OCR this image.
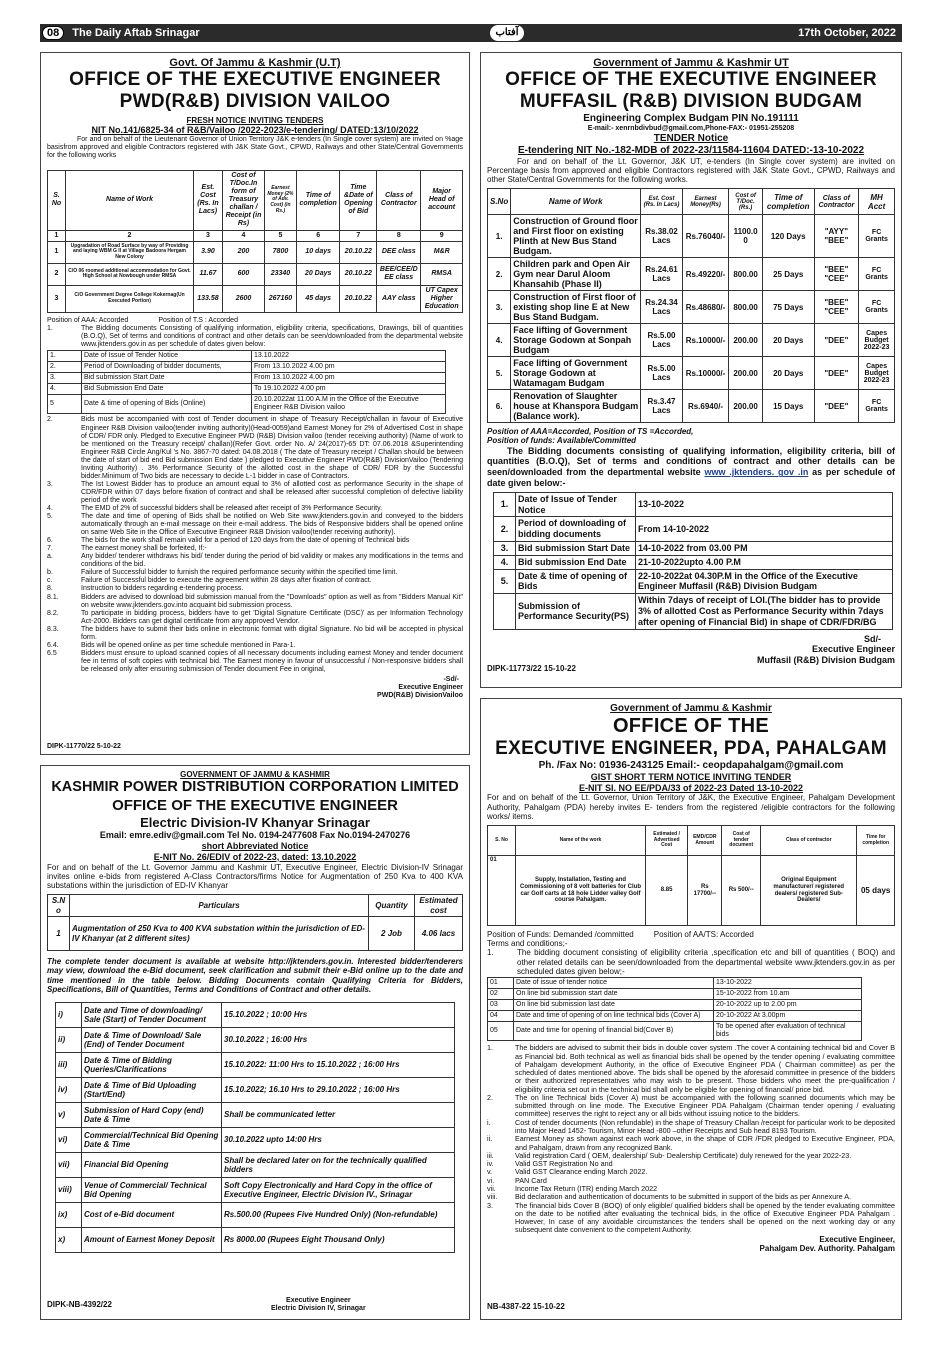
08	The Daily Aftab Srinagar	آفتاب	17th October, 2022
Govt. Of Jammu & Kashmir (U.T)
OFFICE OF THE EXECUTIVE ENGINEER
PWD(R&B) DIVISION VAILOO
FRESH NOTICE INVITING TENDERS
NIT No.141/6825-34 of R&B/Vailoo /2022-2023/e-tendering/ DATED:13/10/2022

For and on behalf of the Lieutenant Governor of Union Territory J&K e-tenders (In Single cover system) are invited on %age basisfrom approved and eligible Contractors registered with J&K State Govt., CPWD, Railways and other State/Central Governments for the following works

S. No	Name of Work	Est. Cost (Rs. In Lacs)	Cost of T/Doc.In form of Treasury challan / Receipt (in Rs)	Earnest Money (2% of Adv. Cost) (in Rs.)	Time of completion	Time &Date of Opening of Bid	Class of Contractor	Major Head of account
1	2	3	4	5	6	7	8	9
1	Upgradation of Road Surface by way of Providing and laying WBM G II at Village Badoora Hergam New Colony	3.90	200	7800	10 days	20.10.22	DEE class	M&R
2	C/O 06 roomed additional accommodation for Govt. High School at Nowbough under RMSA	11.67	600	23340	20 Days	20.10.22	BEE/CEE/D EE class	RMSA
3	C/O Government Degree College Kokernag(Un Executed Portion)	133.58	2600	267160	45 days	20.10.22	AAY class	UT Capex Higher Education
Position of AAA: Accorded	Position of T.S : Accorded
1.	The Bidding documents Consisting of qualifying information, eligibility criteria, specifications, Drawings, bill of quantities (B.O.Q), Set of terms and conditions of contract and other details can be seen/downloaded from the departmental website www.jktenders.gov.in as per schedule of dates given below:
1.	Date of Issue of Tender Notice	13.10.2022
2.	Period of Downloading of bidder documents,	From 13.10.2022 4.00 pm
3.	Bid submission Start Date	From 13.10.2022 4.00 pm
4.	Bid Submission End Date	To 19.10.2022 4.00 pm
5	Date & time of opening of Bids (Online)	20.10.2022at 11.00 A.M in the Office of the Executive Engineer R&B Division vailoo
2.	Bids must be accompanied with cost of Tender document in shape of Treasury Receipt/challan in favour of Executive Engineer R&B Division vailoo(tender inviting authority)(Head-0059)and Earnest Money for 2% of Advertised Cost in shape of CDR/ FDR only. Pledged to Executive Engineer PWD (R&B) Division vailoo (tender receiving authority) (Name of work to be mentioned on the Treasury receipt/ challan)(Refer Govt. order No. A/ 24(2017)-65 DT: 07.06.2018 &Superintending Engineer R&B Circle Ang/Kul 's No. 3867-70 dated: 04.08.2018 ( The date of Treasury receipt / Challan should be between the date of start of bid end Bid submission End date ) pledged to Executive Engineer PWD(R&B) DivisionVailoo (Tendering Inviting Authority) . 3% Performance Security of the allotted cost in the shape of CDR/ FDR by the Successful bidder.Minimum of Two bids are necessary to decide L-1 bidder in case of Contractors.
3.	The Ist Lowest Bidder has to produce an amount equal to 3% of allotted cost as performance Security in the shape of CDR/FDR within 07 days before fixation of contract and shall be released after successful completion of defective liability period of the work
4.	The EMD of 2% of successful bidders shall be released after receipt of 3% Performance Security.
5.	The date and time of opening of Bids shall be notified on Web Site www.jktenders.gov.in and conveyed to the bidders automatically through an e-mail message on their e-mail address. The bids of Responsive bidders shall be opened online on same Web Site in the Office of Executive Engineer R&B Division vailoo(tender receiving authority).
6.	The bids for the work shall remain valid for a period of 120 days from the date of opening of Technical bids
7.	The earnest money shall be forfeited, If:-
a.	Any bidder/ tenderer withdraws his bid/ tender during the period of bid validity or makes any modifications in the terms and conditions of the bid.
b.	Failure of Successful bidder to furnish the required performance security within the specified time limit.
c.	Failure of Successful bidder to execute the agreement within 28 days after fixation of contract.
8.	Instruction to bidders regarding e-tendering process.
8.1.	Bidders are advised to download bid submission manual from the "Downloads" option as well as from "Bidders Manual Kit" on website www.jktenders.gov.into acquaint bid submission process.
8.2.	To participate in bidding process, bidders have to get 'Digital Signature Certificate (DSC)' as per Information Technology Act-2000. Bidders can get digital certificate from any approved Vendor.
8.3.	The bidders have to submit their bids online in electronic format with digital Signature. No bid will be accepted in physical form.
6.4.	Bids will be opened online as per time schedule mentioned in Para-1.
6.5	Bidders must ensure to upload scanned copies of all necessary documents including earnest Money and tender document fee in terms of soft copies with technical bid. The Earnest money in favour of unsuccessful / Non-responsive bidders shall be released only after ensuring submission of Tender document Fee in original,
-Sd/-
Executive Engineer
PWD(R&B) DivisionVailoo
DIPK-11770/22 5-10-22
Government of Jammu & Kashmir UT
OFFICE OF THE EXECUTIVE ENGINEER
MUFFASIL (R&B) DIVISION BUDGAM
Engineering Complex Budgam PIN No.191111
E-mail:- xenrnbdivbud@gmail.com,Phone-FAX:- 01951-255208
TENDER Notice
E-tendering NIT No.-182-MDB of 2022-23/11584-11604 DATED:-13-10-2022

For and on behalf of the Lt. Governor, J&K UT, e-tenders (In Single cover system) are invited on Percentage basis from approved and eligible Contractors registered with J&K State Govt., CPWD, Railways and other State/Central Governments for the following works.

S.No	Name of Work	Est. Cost (Rs. In Lacs)	Earnest Money(Rs)	Cost of T/Doc. (Rs.)	Time of completion	Class of Contractor	MH Acct
1.	Construction of Ground floor and First floor on existing Plinth at New Bus Stand Budgam.	Rs.38.02 Lacs	Rs.76040/-	1100.0 0	120 Days	"AYY" "BEE"	FC Grants
2.	Children park and Open Air Gym near Darul Aloom Khansahib (Phase II)	Rs.24.61 Lacs	Rs.49220/-	800.00	25 Days	"BEE" "CEE"	FC Grants
3.	Construction of First floor of existing shop line E at New Bus Stand Budgam.	Rs.24.34 Lacs	Rs.48680/-	800.00	75 Days	"BEE" "CEE"	FC Grants
4.	Face lifting of Government Storage Godown at Sonpah Budgam	Rs.5.00 Lacs	Rs.10000/-	200.00	20 Days	"DEE"	Capes Budget 2022-23
5.	Face lifting of Government Storage Godown at Watamagam Budgam	Rs.5.00 Lacs	Rs.10000/-	200.00	20 Days	"DEE"	Capes Budget 2022-23
6.	Renovation of Slaughter house at Khanspora Budgam (Balance work).	Rs.3.47 Lacs	Rs.6940/-	200.00	15 Days	"DEE"	FC Grants
Position of AAA=Accorded, Position of TS =Accorded,
Position of funds: Available/Committed

The Bidding documents consisting of qualifying information, eligibility criteria, bill of quantities (B.O.Q), Set of terms and conditions of contract and other details can be seen/downloaded from the departmental website www .jktenders. gov .in as per schedule of date given below:-

1.	Date of Issue of Tender Notice	13-10-2022
2.	Period of downloading of bidding documents	From 14-10-2022
3.	Bid submission Start Date	14-10-2022 from 03.00 PM
4.	Bid submission End Date	21-10-2022upto 4.00 P.M
5.	Date & time of opening of Bids	22-10-2022at 04.30P.M in the Office of the Executive Engineer Muffasil (R&B) Division Budgam
	Submission of Performance Security(PS)	Within 7days of receipt of LOI.(The bidder has to provide 3% of allotted Cost as Performance Security within 7days after opening of Financial Bid) in shape of CDR/FDR/BG
Sd/-
Executive Engineer
Muffasil (R&B) Division Budgam
DIPK-11773/22 15-10-22
GOVERNMENT OF JAMMU & KASHMIR
KASHMIR POWER DISTRIBUTION CORPORATION LIMITED
OFFICE OF THE EXECUTIVE ENGINEER
Electric Division-IV Khanyar Srinagar
Email: emre.ediv@gmail.com Tel No. 0194-2477608 Fax No.0194-2470276
short Abbreviated Notice
E-NIT No. 26/EDIV of 2022-23, dated: 13.10.2022

For and on behalf of the Lt. Governor Jammu and Kashmir UT, Executive Engineer, Electric Division-IV Srinagar invites online e-bids from registered A-Class Contractors/firms Notice for Augmentation of 250 Kva to 400 KVA substations within the jurisdiction of ED-IV Khanyar

S.N o	Particulars	Quantity	Estimated cost
1	Augmentation of 250 Kva to 400 KVA substation within the jurisdiction of ED-IV Khanyar (at 2 different sites)	2 Job	4.06 lacs

The complete tender document is available at website http://jktenders.gov.in. Interested bidder/tenderers may view, download the e-Bid document, seek clarification and submit their e-Bid online up to the date and time mentioned in the table below. Bidding Documents contain Qualifying Criteria for Bidders, Specifications, Bill of Quantities, Terms and Conditions of Contract and other details.

i)	Date and Time of downloading/ Sale (Start) of Tender Document	15.10.2022 ; 10:00 Hrs
ii)	Date & Time of Download/ Sale (End) of Tender Document	30.10.2022 ; 16:00 Hrs
iii)	Date & Time of Bidding Queries/Clarifications	15.10.2022: 11:00 Hrs to 15.10.2022 ; 16:00 Hrs
iv)	Date & Time of Bid Uploading (Start/End)	15.10.2022; 16.10 Hrs to 29.10.2022 ; 16:00 Hrs
v)	Submission of Hard Copy (end) Date & Time	Shall be communicated letter
vi)	Commercial/Technical Bid Opening Date & Time	30.10.2022 upto 14:00 Hrs
vii)	Financial Bid Opening	Shall be declared later on for the technically qualified bidders
viii)	Venue of Commercial/ Technical Bid Opening	Soft Copy Electronically and Hard Copy in the office of Executive Engineer, Electric Division IV., Srinagar
ix)	Cost of e-Bid document	Rs.500.00 (Rupees Five Hundred Only) (Non-refundable)
x)	Amount of Earnest Money Deposit	Rs 8000.00 (Rupees Eight Thousand Only)
DIPK-NB-4392/22	Executive Engineer
Electric Division IV, Srinagar
Government of Jammu & Kashmir
OFFICE OF THE
EXECUTIVE ENGINEER, PDA, PAHALGAM
Ph. /Fax No: 01936-243125 Email:- ceopdapahalgam@gmail.com
GIST SHORT TERM NOTICE INVITING TENDER
E-NIT SI. NO EE/PDA/33 of 2022-23 Dated 13-10-2022

For and on behalf of the Lt. Governor, Union Territory of J&K, the Executive Engineer, Pahalgam Development Authority, Pahalgam (PDA) hereby invites E- tenders from the registered /eligible contractors for the following works/ items.

S. No	Name of the work	Estimated / Advertised Cost	EMD/CDR Amount	Cost of tender document	Class of contractor	Time for completion
01	Supply, Installation, Testing and Commissioning of 8 volt batteries for Club car Golf carts at 18 hole Lidder valley Golf course Pahalgam.	8.85	Rs 17700/--	Rs 500/--	Original Equipment manufacturer/ registered dealers/ registered Sub-Dealers/	05 days
Position of Funds: Demanded /committed	Position of AA/TS: Accorded
Terms and conditions;-
1.	The bidding document consisting of eligibility criteria ,specification etc and bill of quantities ( BOQ) and other related details can be seen/downloaded from the departmental website www.jktenders.gov.in as per scheduled dates given below;-
01	Date of issue of tender notice	13-10-2022
02	On line bid submission start date	15-10-2022 from 10.am
03	On line bid submission last date	20-10-2022 up to 2.00 pm
04	Date and time of opening of on line technical bids (Cover A)	20-10-2022 At 3.00pm
05	Date and time for opening of financial bid(Cover B)	To be opened after evaluation of technical bids
1.	The bidders are advised to submit their bids in double cover system .The cover A containing technical bid and Cover B as Financial bid. Both technical as well as financial bids shall be opened by the tender opening / evaluating committee of Pahalgam development Authority, in the office of Executive Engineer PDA ( Chairman committee) as per the scheduled of dates mentioned above. The bids shall be opened by the aforesaid committee in presence of the bidders or their authorized representatives who may wish to be present. Those bidders who meet the pre-qualification / eligibility criteria set out in the technical bid shall only be eligible for opening of financial/ price bid.
2.	The on line Technical bids (Cover A) must be accompanied with the following scanned documents which may be submitted through on line mode. The Executive Engineer PDA Pahalgam (Chairman tender opening / evaluating committee) reserves the right to reject any or all bids without issuing notice to the bidders.
i.	Cost of tender documents (Non refundable) in the shape of Treasury Challan /receipt for particular work to be deposited into Major Head 1452- Tourism, Minor Head -800 –other Receipts and Sub head 8193 Tourism.
ii.	Earnest Money as shown against each work above, in the shape of CDR /FDR pledged to Executive Engineer, PDA, and Pahalgam, drawn from any recognized Bank.
iii.	Valid registration Card ( OEM, dealership/ Sub- Dealership Certificate) duly renewed for the year 2022-23.
iv.	Valid GST Registration No and
v.	Valid GST Clearance ending March 2022.
vi.	PAN Card
vii.	Income Tax Return (ITR) ending March 2022
viii.	Bid declaration and authentication of documents to be submitted in support of the bids as per Annexure A.
3.	The financial bids Cover B (BOQ) of only eligible/ qualified bidders shall be opened by the tender evaluating committee on the date to be notified after evaluating the technical bids, in the office of Executive Engineer PDA Pahalgam . However, In case of any avoidable circumstances the tenders shall be opened on the next working day or any subsequent date convenient to the competent Authority.
Executive Engineer,
Pahalgam Dev. Authority. Pahalgam
NB-4387-22 15-10-22
